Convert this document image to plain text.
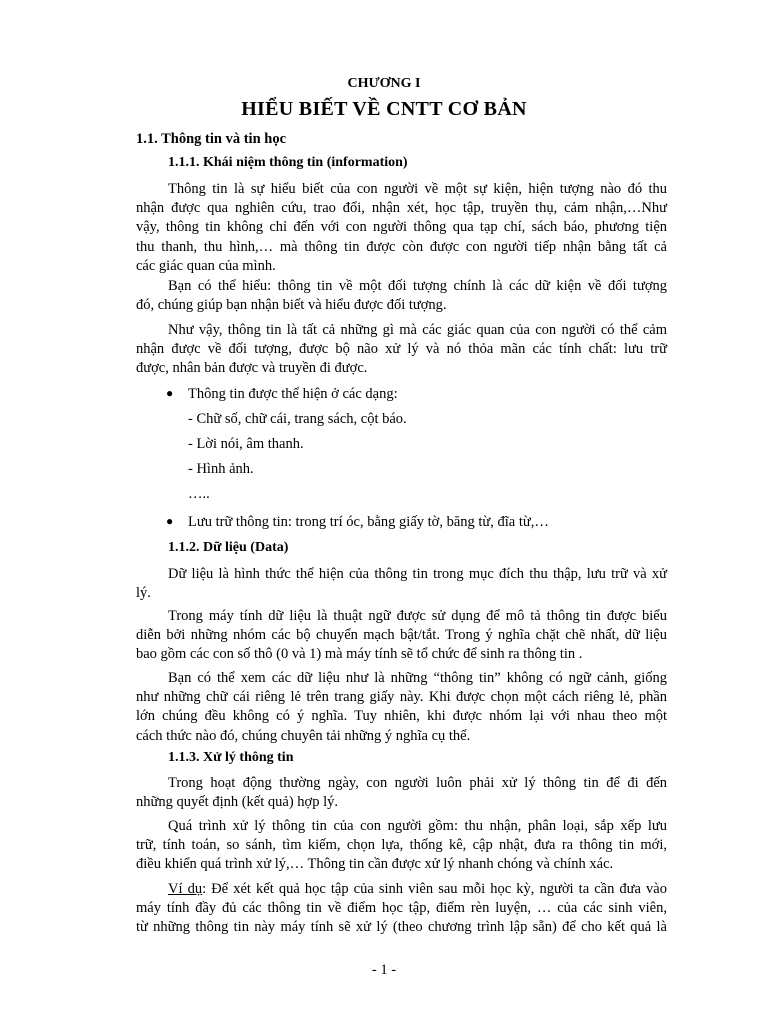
CHƯƠNG I
HIỂU BIẾT VỀ CNTT CƠ BẢN
1.1. Thông tin và tin học
1.1.1. Khái niệm thông tin (information)
Thông tin là sự hiểu biết của con người về một sự kiện, hiện tượng nào đó thu
nhận được qua nghiên cứu, trao đổi, nhận xét, học tập, truyền thụ, cảm nhận,…Như
vậy, thông tin không chỉ đến với con người thông qua tạp chí, sách báo, phương tiện
thu thanh, thu hình,… mà thông tin được còn được con người tiếp nhận bằng tất cả
các giác quan của mình.
Bạn có thể hiểu: thông tin về một đối tượng chính là các dữ kiện về đối tượng
đó, chúng giúp bạn nhận biết và hiểu được đối tượng.
Như vậy, thông tin là tất cả những gì mà các giác quan của con người có thể cảm
nhận được về đối tượng, được bộ não xử lý và nó thỏa mãn các tính chất: lưu trữ
được, nhân bản được và truyền đi được.
● Thông tin được thể hiện ở các dạng:
- Chữ số, chữ cái, trang sách, cột báo.
- Lời nói, âm thanh.
- Hình ảnh.
…..
● Lưu trữ thông tin: trong trí óc, bằng giấy tờ, băng từ, đĩa từ,…
1.1.2. Dữ liệu (Data)
Dữ liệu là hình thức thể hiện của thông tin trong mục đích thu thập, lưu trữ và xử
lý.
Trong máy tính dữ liệu là thuật ngữ được sử dụng để mô tả thông tin được biểu
diễn bởi những nhóm các bộ chuyển mạch bật/tắt. Trong ý nghĩa chặt chẽ nhất, dữ liệu
bao gồm các con số thô (0 và 1) mà máy tính sẽ tổ chức để sinh ra thông tin .
Bạn có thể xem các dữ liệu như là những “thông tin” không có ngữ cảnh, giống
như những chữ cái riêng lẻ trên trang giấy này. Khi được chọn một cách riêng lẻ, phần
lớn chúng đều không có ý nghĩa. Tuy nhiên, khi được nhóm lại với nhau theo một
cách thức nào đó, chúng chuyên tải những ý nghĩa cụ thể.
1.1.3. Xử lý thông tin
Trong hoạt động thường ngày, con người luôn phải xử lý thông tin để đi đến
những quyết định (kết quả) hợp lý.
Quá trình xử lý thông tin của con người gồm: thu nhận, phân loại, sắp xếp lưu
trữ, tính toán, so sánh, tìm kiếm, chọn lựa, thống kê, cập nhật, đưa ra thông tin mới,
điều khiển quá trình xử lý,… Thông tin cần được xử lý nhanh chóng và chính xác.
Ví dụ: Để xét kết quả học tập của sinh viên sau mỗi học kỳ, người ta cần đưa vào
máy tính đầy đủ các thông tin về điểm học tập, điểm rèn luyện, … của các sinh viên,
từ những thông tin này máy tính sẽ xử lý (theo chương trình lập sẵn) để cho kết quả là
- 1 -
